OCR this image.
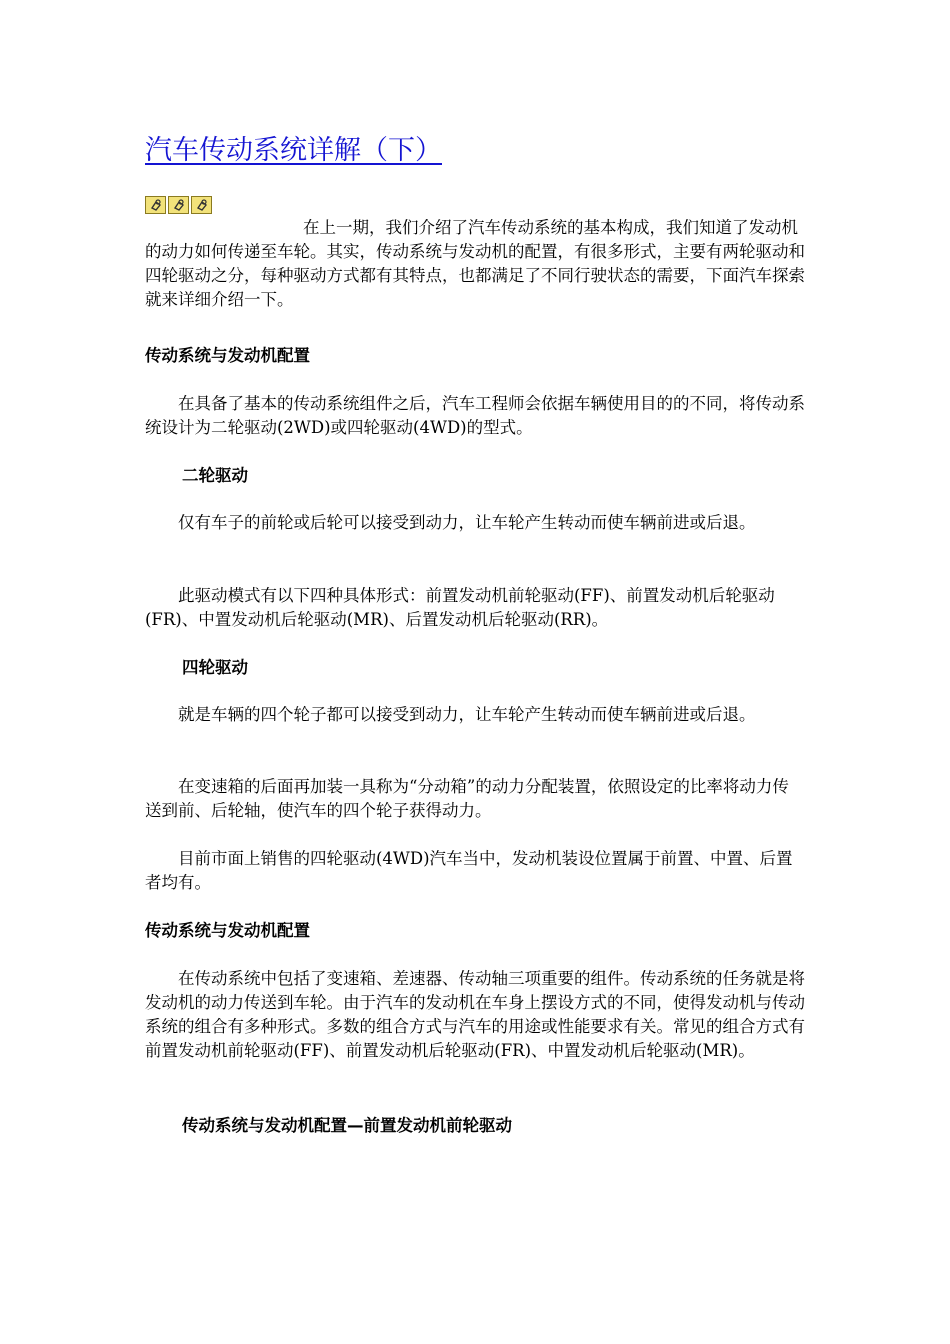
汽车传动系统详解（下）

在上一期，我们介绍了汽车传动系统的基本构成，我们知道了发动机的动力如何传递至车轮。其实，传动系统与发动机的配置，有很多形式，主要有两轮驱动和四轮驱动之分，每种驱动方式都有其特点，也都满足了不同行驶状态的需要，下面汽车探索就来详细介绍一下。

传动系统与发动机配置

在具备了基本的传动系统组件之后，汽车工程师会依据车辆使用目的的不同，将传动系统设计为二轮驱动(2WD)或四轮驱动(4WD)的型式。

二轮驱动

仅有车子的前轮或后轮可以接受到动力，让车轮产生转动而使车辆前进或后退。

此驱动模式有以下四种具体形式：前置发动机前轮驱动(FF)、前置发动机后轮驱动(FR)、中置发动机后轮驱动(MR)、后置发动机后轮驱动(RR)。

四轮驱动

就是车辆的四个轮子都可以接受到动力，让车轮产生转动而使车辆前进或后退。

在变速箱的后面再加装一具称为“分动箱”的动力分配装置，依照设定的比率将动力传送到前、后轮轴，使汽车的四个轮子获得动力。

目前市面上销售的四轮驱动(4WD)汽车当中，发动机装设位置属于前置、中置、后置者均有。

传动系统与发动机配置

在传动系统中包括了变速箱、差速器、传动轴三项重要的组件。传动系统的任务就是将发动机的动力传送到车轮。由于汽车的发动机在车身上摆设方式的不同，使得发动机与传动系统的组合有多种形式。多数的组合方式与汽车的用途或性能要求有关。常见的组合方式有前置发动机前轮驱动(FF)、前置发动机后轮驱动(FR)、中置发动机后轮驱动(MR)。

传动系统与发动机配置—前置发动机前轮驱动
